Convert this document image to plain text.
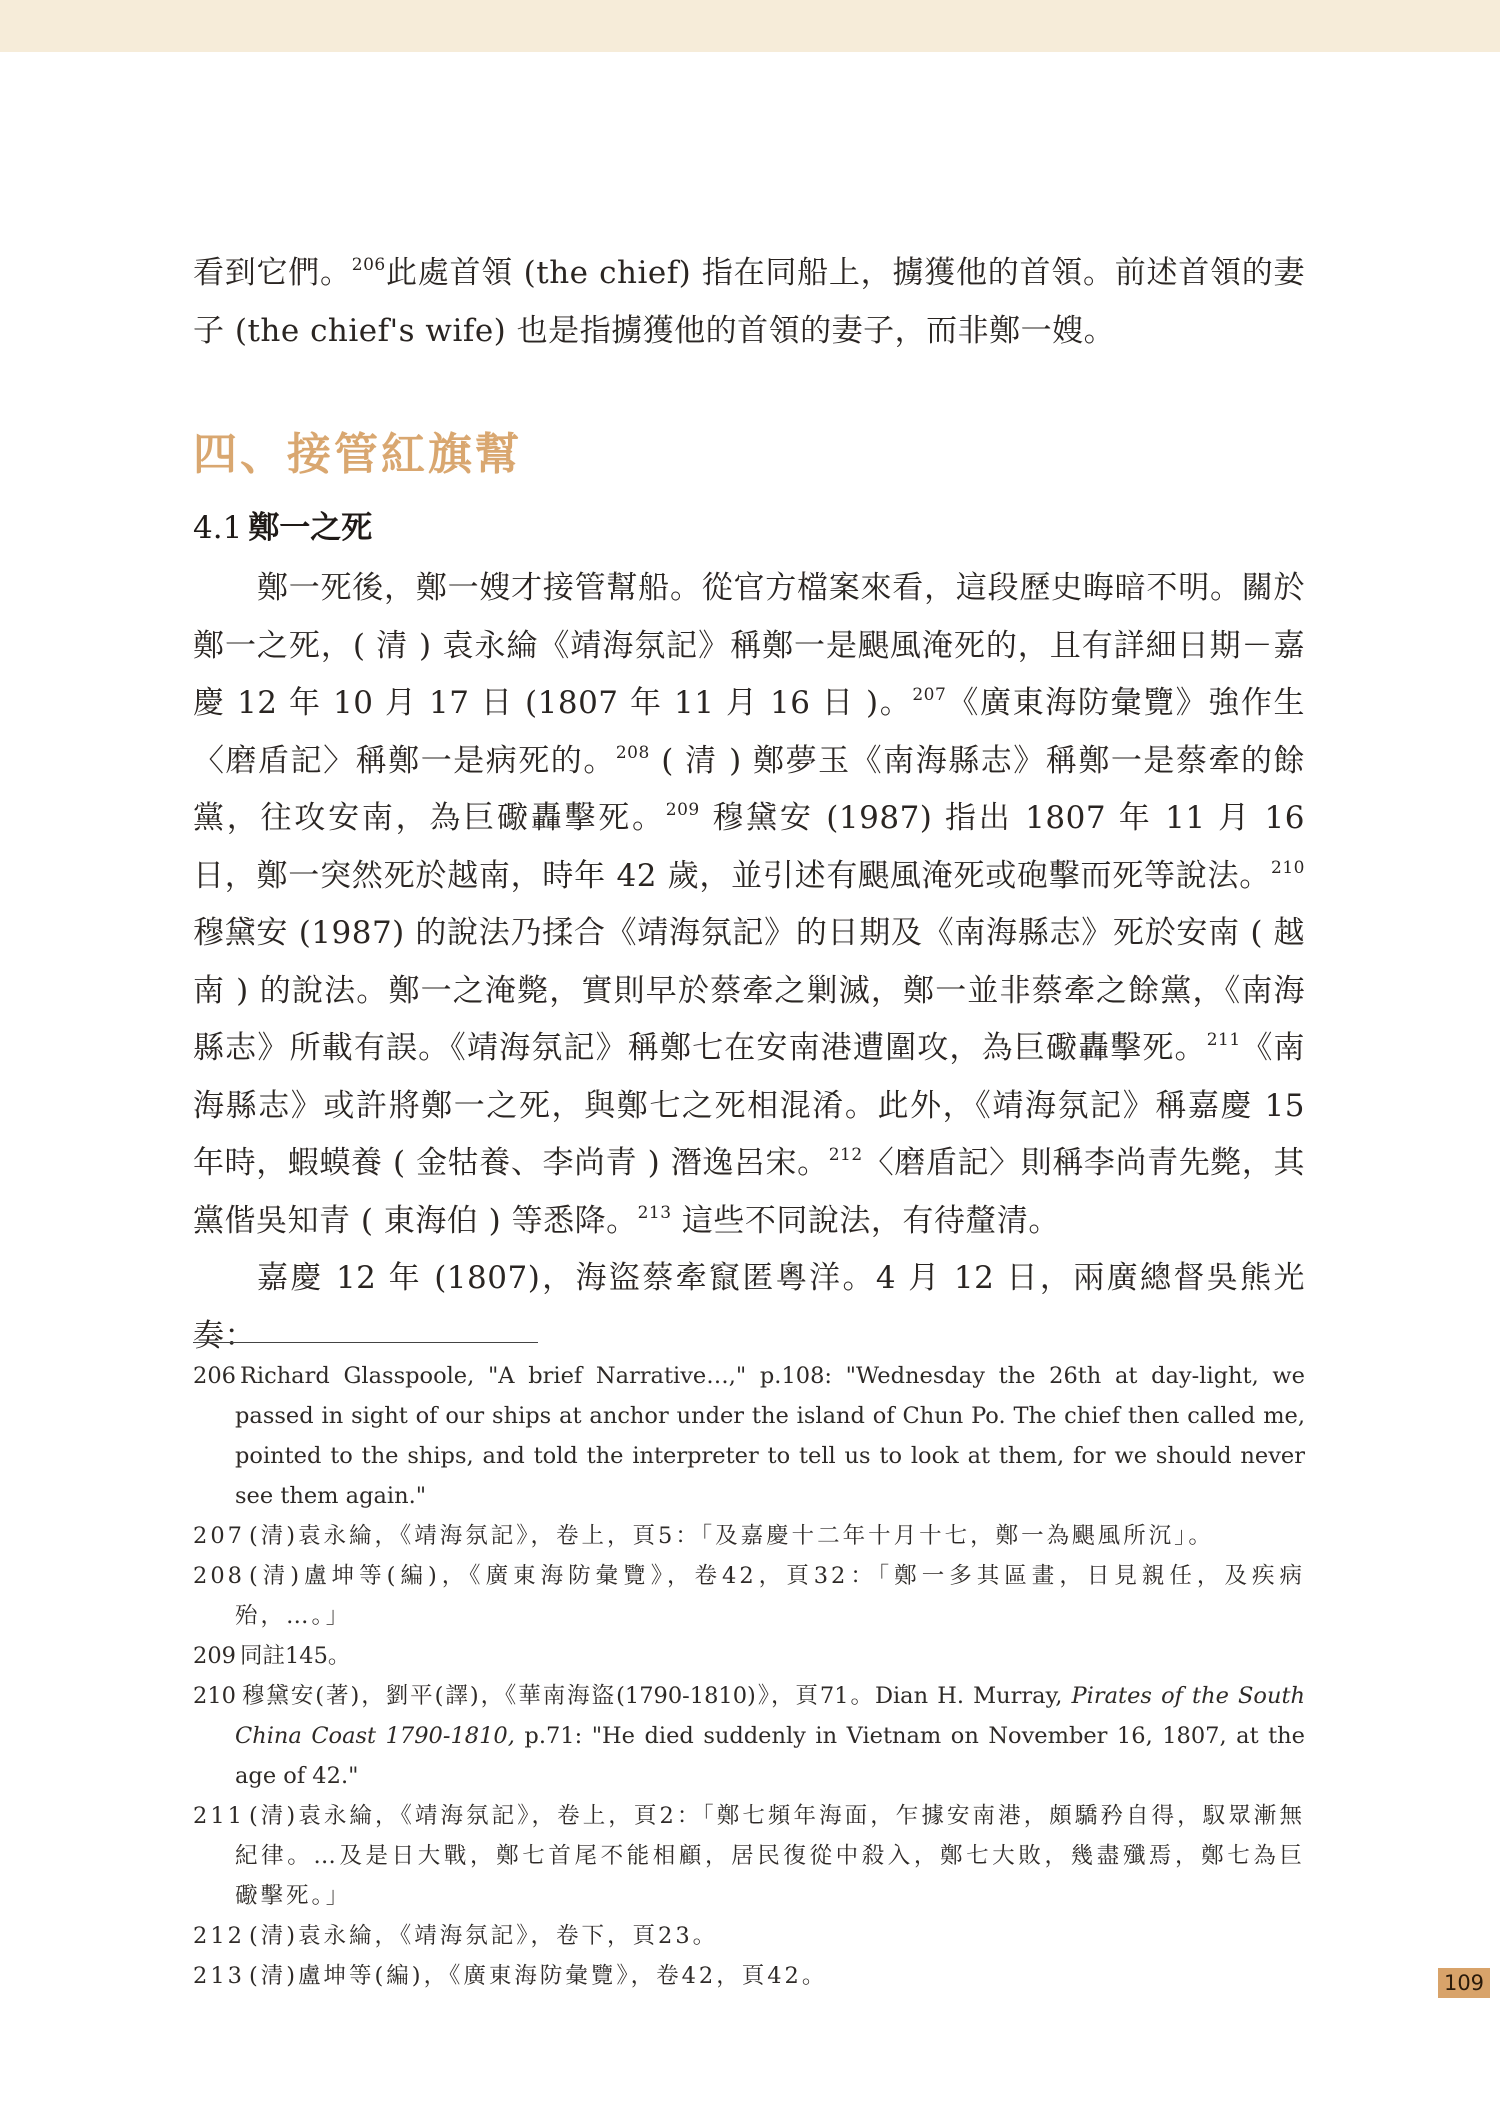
看到它們。$^{206}$此處首領 (the chief) 指在同船上，擄獲他的首領。前述首領的妻子 (the chief's wife) 也是指擄獲他的首領的妻子，而非鄭一嫂。

四、接管紅旗幫
4.1 鄭一之死

鄭一死後，鄭一嫂才接管幫船。從官方檔案來看，這段歷史晦暗不明。關於鄭一之死，( 清 ) 袁永綸《靖海氛記》稱鄭一是颶風淹死的，且有詳細日期－嘉慶 12 年 10 月 17 日 (1807 年 11 月 16 日 )。$^{207}$《廣東海防彙覽》強作生〈磨盾記〉稱鄭一是病死的。$^{208}$ ( 清 ) 鄭夢玉《南海縣志》稱鄭一是蔡牽的餘黨，往攻安南，為巨礮轟擊死。$^{209}$ 穆黛安 (1987) 指出 1807 年 11 月 16 日，鄭一突然死於越南，時年 42 歲，並引述有颶風淹死或砲擊而死等說法。$^{210}$ 穆黛安 (1987) 的說法乃揉合《靖海氛記》的日期及《南海縣志》死於安南 ( 越南 ) 的說法。鄭一之淹斃，實則早於蔡牽之剿滅，鄭一並非蔡牽之餘黨，《南海縣志》所載有誤。《靖海氛記》稱鄭七在安南港遭圍攻，為巨礮轟擊死。$^{211}$《南海縣志》或許將鄭一之死，與鄭七之死相混淆。此外，《靖海氛記》稱嘉慶 15 年時，蝦蟆養 ( 金牯養、李尚青 ) 潛逸呂宋。$^{212}$〈磨盾記〉則稱李尚青先斃，其黨偕吳知青 ( 東海伯 ) 等悉降。$^{213}$ 這些不同說法，有待釐清。

嘉慶 12 年 (1807)，海盜蔡牽竄匿粵洋。4 月 12 日，兩廣總督吳熊光奏：

206 Richard Glasspoole, "A brief Narrative…," p.108: "Wednesday the 26th at day-light, we passed in sight of our ships at anchor under the island of Chun Po. The chief then called me, pointed to the ships, and told the interpreter to tell us to look at them, for we should never see them again."
207 (清)袁永綸，《靖海氛記》，卷上，頁5：「及嘉慶十二年十月十七，鄭一為颶風所沉」。
208 (清)盧坤等(編)，《廣東海防彙覽》，卷42，頁32：「鄭一多其區畫，日見親任，及疾病殆，…。」
209 同註145。
210 穆黛安(著)，劉平(譯)，《華南海盜(1790-1810)》，頁71。Dian H. Murray, Pirates of the South China Coast 1790-1810, p.71: "He died suddenly in Vietnam on November 16, 1807, at the age of 42."
211 (清)袁永綸，《靖海氛記》，卷上，頁2：「鄭七頻年海面，乍據安南港，頗驕矜自得，馭眾漸無紀律。…及是日大戰，鄭七首尾不能相顧，居民復從中殺入，鄭七大敗，幾盡殲焉，鄭七為巨礮擊死。」
212 (清)袁永綸，《靖海氛記》，卷下，頁23。
213 (清)盧坤等(編)，《廣東海防彙覽》，卷42，頁42。	109
